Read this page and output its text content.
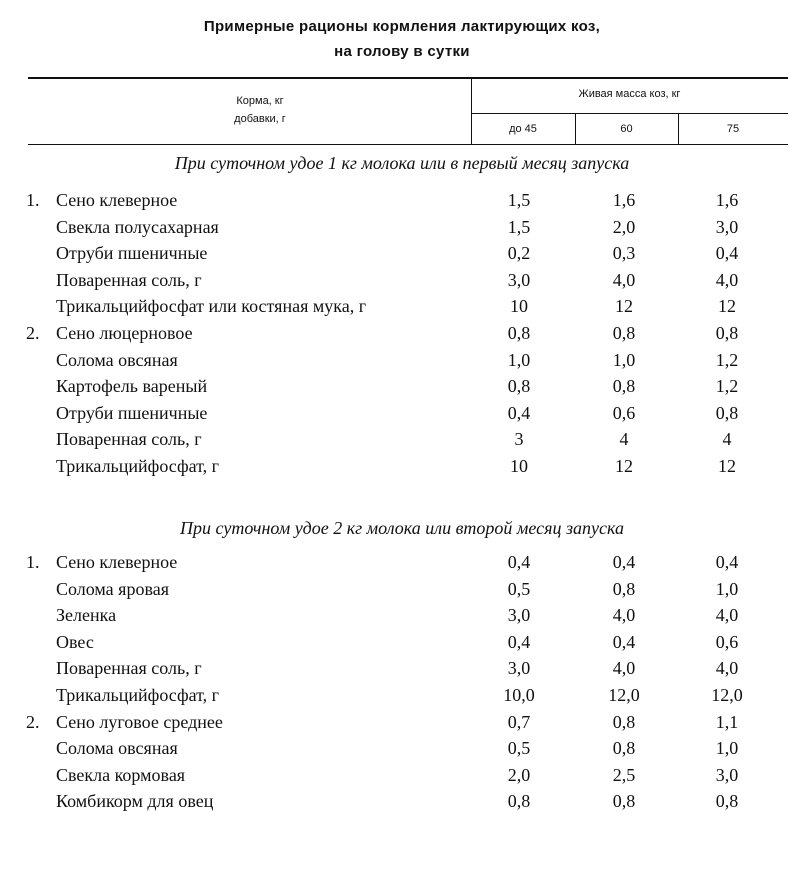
Примерные рационы кормления лактирующих коз,
на голову в сутки
Корма, кг
добавки, г
Живая масса коз, кг
до 45	60	75
При суточном удое 1 кг молока или в первый месяц запуска
1. Сено клеверное	1,5	1,6	1,6
Свекла полусахарная	1,5	2,0	3,0
Отруби пшеничные	0,2	0,3	0,4
Поваренная соль, г	3,0	4,0	4,0
Трикальцийфосфат или костяная мука, г	10	12	12
2. Сено люцерновое	0,8	0,8	0,8
Солома овсяная	1,0	1,0	1,2
Картофель вареный	0,8	0,8	1,2
Отруби пшеничные	0,4	0,6	0,8
Поваренная соль, г	3	4	4
Трикальцийфосфат, г	10	12	12
При суточном удое 2 кг молока или второй месяц запуска
1. Сено клеверное	0,4	0,4	0,4
Солома яровая	0,5	0,8	1,0
Зеленка	3,0	4,0	4,0
Овес	0,4	0,4	0,6
Поваренная соль, г	3,0	4,0	4,0
Трикальцийфосфат, г	10,0	12,0	12,0
2. Сено луговое среднее	0,7	0,8	1,1
Солома овсяная	0,5	0,8	1,0
Свекла кормовая	2,0	2,5	3,0
Комбикорм для овец	0,8	0,8	0,8
